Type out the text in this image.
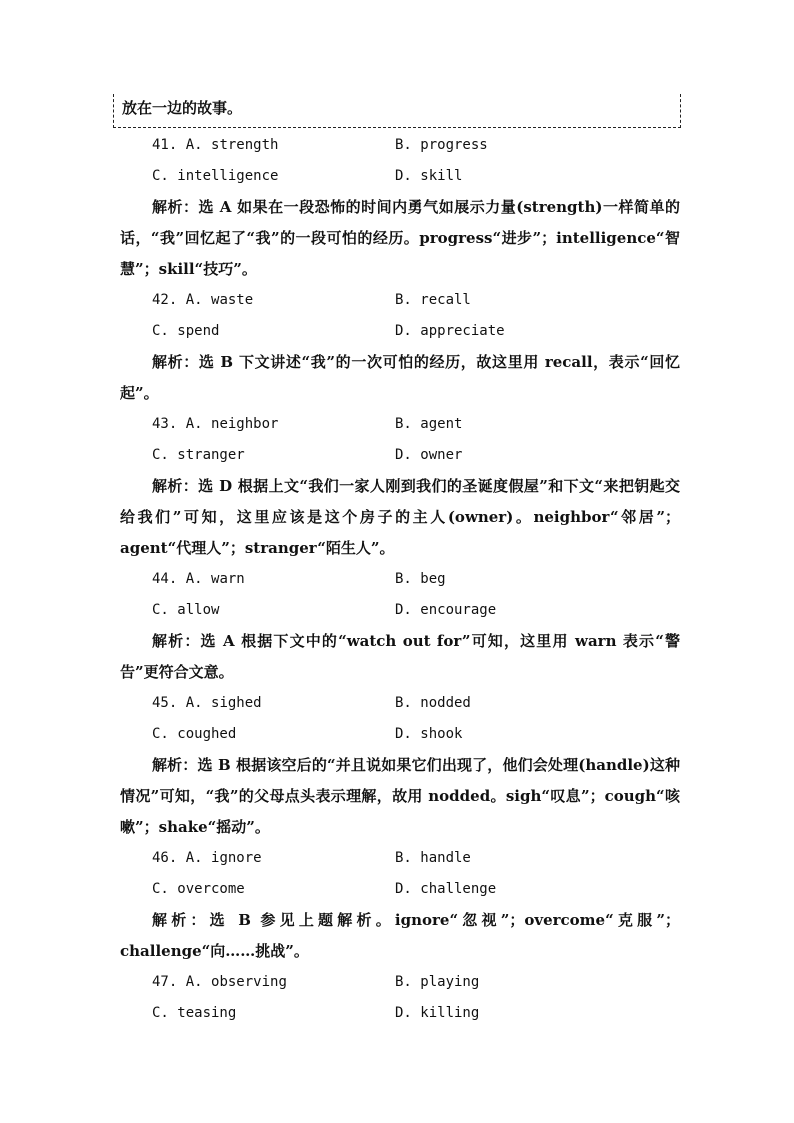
放在一边的故事。
41. A. strength	B. progress
C. intelligence	D. skill

解析：选 A 如果在一段恐怖的时间内勇气如展示力量(strength)一样简单的话，“我”回忆起了“我”的一段可怕的经历。progress“进步”；intelligence“智慧”；skill“技巧”。

42. A. waste	B. recall
C. spend	D. appreciate

解析：选 B 下文讲述“我”的一次可怕的经历，故这里用 recall，表示“回忆起”。

43. A. neighbor	B. agent
C. stranger	D. owner

解析：选 D 根据上文“我们一家人刚到我们的圣诞度假屋”和下文“来把钥匙交给我们”可知，这里应该是这个房子的主人(owner)。neighbor“邻居”；agent“代理人”；stranger“陌生人”。

44. A. warn	B. beg
C. allow	D. encourage

解析：选 A 根据下文中的“watch out for”可知，这里用 warn 表示“警告”更符合文意。

45. A. sighed	B. nodded
C. coughed	D. shook

解析：选 B 根据该空后的“并且说如果它们出现了，他们会处理(handle)这种情况”可知，“我”的父母点头表示理解，故用 nodded。sigh“叹息”；cough“咳嗽”；shake“摇动”。

46. A. ignore	B. handle
C. overcome	D. challenge

解析：选 B 参见上题解析。ignore“忽视”；overcome“克服”；challenge“向……挑战”。

47. A. observing	B. playing
C. teasing	D. killing
